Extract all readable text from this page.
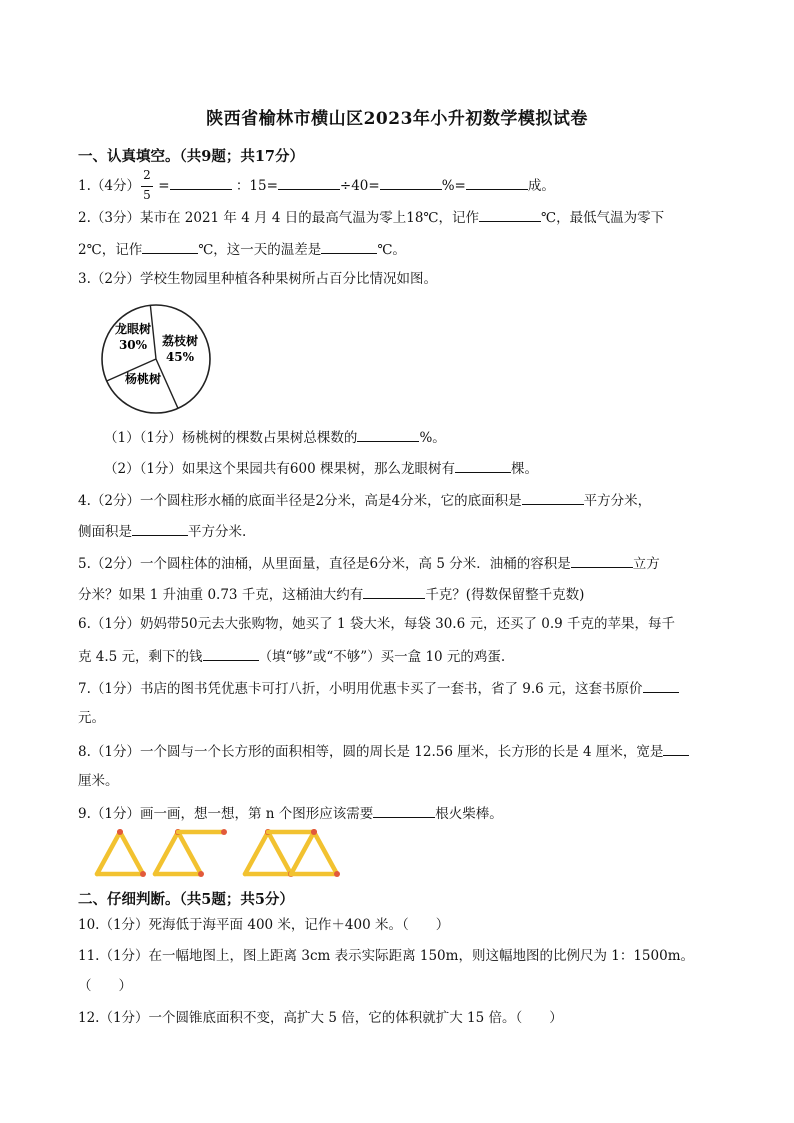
陕西省榆林市横山区2023年小升初数学模拟试卷
一、认真填空。（共9题；共17分）
1.（4分） $\frac{2}{5}$ =	：15=	÷40=	%=	成。
2.（3分）某市在 2021 年 4 月 4 日的最高气温为零上18℃，记作	℃，最低气温为零下
2℃，记作	℃，这一天的温差是	℃。
3.（2分）学校生物园里种植各种果树所占百分比情况如图。
荔枝树
45%
杨桃树
龙眼树
30%
（1）（1分）杨桃树的棵数占果树总棵数的	%。
（2）（1分）如果这个果园共有600 棵果树，那么龙眼树有	棵。
4.（2分）一个圆柱形水桶的底面半径是2分米，高是4分米，它的底面积是	平方分米，
侧面积是	平方分米.
5.（2分）一个圆柱体的油桶，从里面量，直径是6分米，高 5 分米．油桶的容积是	立方
分米？如果 1 升油重 0.73 千克，这桶油大约有	千克？(得数保留整千克数)
6.（1分）奶妈带50元去大张购物，她买了 1 袋大米，每袋 30.6 元，还买了 0.9 千克的苹果，每千
克 4.5 元，剩下的钱	（填“够”或“不够”）买一盒 10 元的鸡蛋.
7.（1分）书店的图书凭优惠卡可打八折，小明用优惠卡买了一套书，省了 9.6 元，这套书原价
元。
8.（1分）一个圆与一个长方形的面积相等，圆的周长是 12.56 厘米，长方形的长是 4 厘米，宽是
厘米。
9.（1分）画一画，想一想，第 n 个图形应该需要	根火柴棒。
二、仔细判断。（共5题；共5分）
10.（1分）死海低于海平面 400 米，记作＋400 米。（　　）
11.（1分）在一幅地图上，图上距离 3cm 表示实际距离 150m，则这幅地图的比例尺为 1：1500m。
（　　）
12.（1分）一个圆锥底面积不变，高扩大 5 倍，它的体积就扩大 15 倍。（　　）
